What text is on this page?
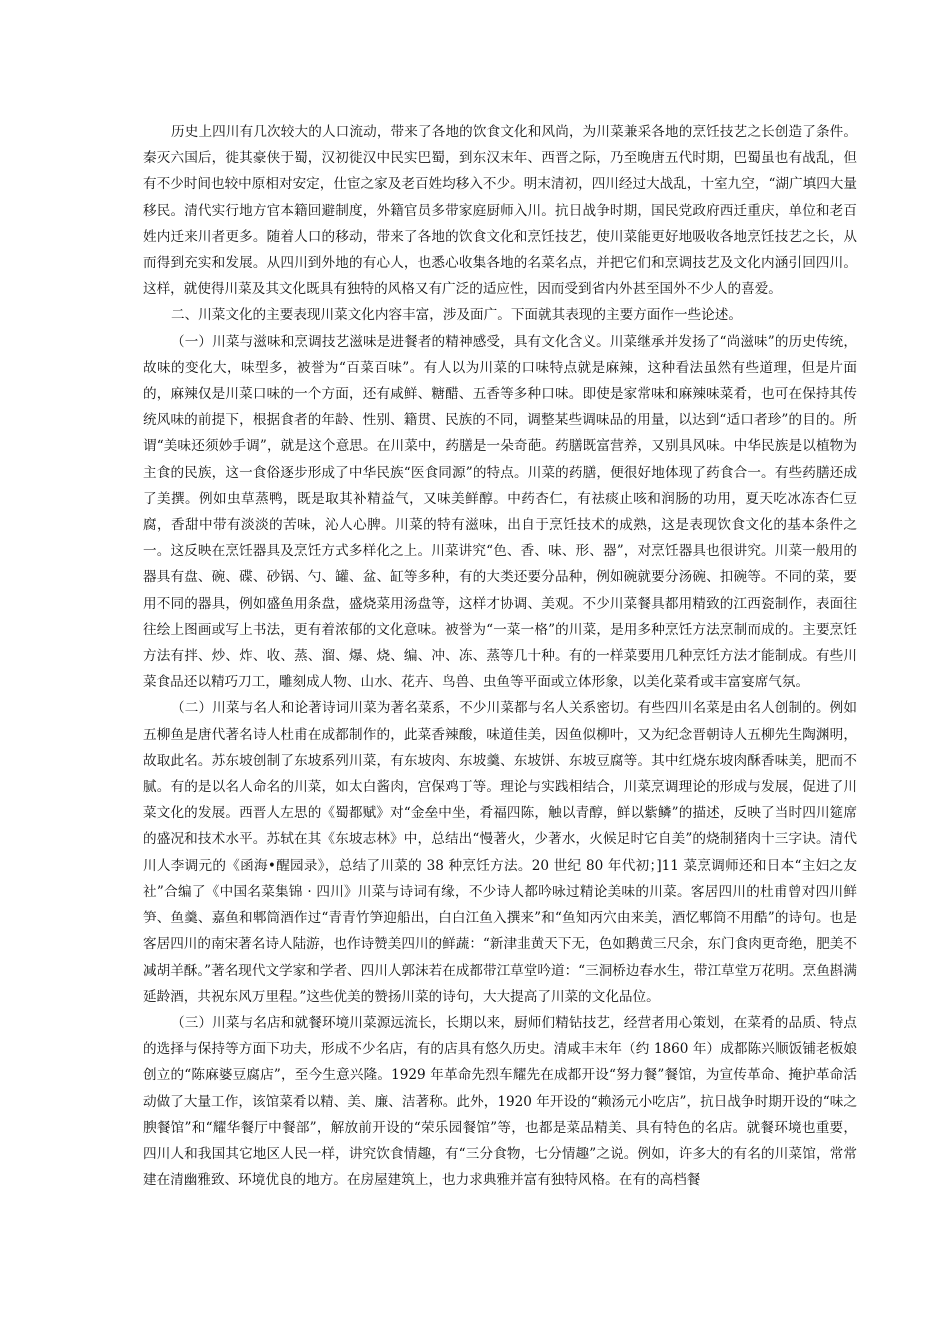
历史上四川有几次较大的人口流动，带来了各地的饮食文化和风尚，为川菜兼采各地的烹饪技艺之长创造了条件。秦灭六国后，徙其豪侠于蜀，汉初徙汉中民实巴蜀，到东汉末年、西晋之际，乃至晚唐五代时期，巴蜀虽也有战乱，但有不少时间也较中原相对安定，仕宦之家及老百姓均移入不少。明末清初，四川经过大战乱，十室九空，“湖广填四大量移民。清代实行地方官本籍回避制度，外籍官员多带家庭厨师入川。抗日战争时期，国民党政府西迁重庆，单位和老百姓内迁来川者更多。随着人口的移动，带来了各地的饮食文化和烹饪技艺，使川菜能更好地吸收各地烹饪技艺之长，从而得到充实和发展。从四川到外地的有心人，也悉心收集各地的名菜名点，并把它们和烹调技艺及文化内涵引回四川。这样，就使得川菜及其文化既具有独特的风格又有广泛的适应性，因而受到省内外甚至国外不少人的喜爱。

二、川菜文化的主要表现川菜文化内容丰富，涉及面广。下面就其表现的主要方面作一些论述。

（一）川菜与滋味和烹调技艺滋味是进餐者的精神感受，具有文化含义。川菜继承并发扬了“尚滋味”的历史传统，故味的变化大，味型多，被誉为“百菜百味”。有人以为川菜的口味特点就是麻辣，这种看法虽然有些道理，但是片面的，麻辣仅是川菜口味的一个方面，还有咸鲜、糖醋、五香等多种口味。即使是家常味和麻辣味菜肴，也可在保持其传统风味的前提下，根据食者的年龄、性别、籍贯、民族的不同，调整某些调味品的用量，以达到“适口者珍”的目的。所谓“美味还须妙手调”，就是这个意思。在川菜中，药膳是一朵奇葩。药膳既富营养，又别具风味。中华民族是以植物为主食的民族，这一食俗逐步形成了中华民族“医食同源”的特点。川菜的药膳，便很好地体现了药食合一。有些药膳还成了美撰。例如虫草蒸鸭，既是取其补精益气，又味美鲜醇。中药杏仁，有祛痰止咳和润肠的功用，夏天吃冰冻杏仁豆腐，香甜中带有淡淡的苦味，沁人心脾。川菜的特有滋味，出自于烹饪技术的成熟，这是表现饮食文化的基本条件之一。这反映在烹饪器具及烹饪方式多样化之上。川菜讲究“色、香、味、形、器”，对烹饪器具也很讲究。川菜一般用的器具有盘、碗、碟、砂锅、勺、罐、盆、缸等多种，有的大类还要分品种，例如碗就要分汤碗、扣碗等。不同的菜，要用不同的器具，例如盛鱼用条盘，盛烧菜用汤盘等，这样才协调、美观。不少川菜餐具都用精致的江西瓷制作，表面往往绘上图画或写上书法，更有着浓郁的文化意味。被誉为“一菜一格”的川菜，是用多种烹饪方法烹制而成的。主要烹饪方法有拌、炒、炸、收、蒸、溜、爆、烧、编、冲、冻、蒸等几十种。有的一样菜要用几种烹饪方法才能制成。有些川菜食品还以精巧刀工，雕刻成人物、山水、花卉、鸟兽、虫鱼等平面或立体形象，以美化菜肴或丰富宴席气氛。

（二）川菜与名人和论著诗词川菜为著名菜系，不少川菜都与名人关系密切。有些四川名菜是由名人创制的。例如五柳鱼是唐代著名诗人杜甫在成都制作的，此菜香辣酸，味道佳美，因鱼似柳叶，又为纪念晋朝诗人五柳先生陶渊明，故取此名。苏东坡创制了东坡系列川菜，有东坡肉、东坡羹、东坡饼、东坡豆腐等。其中红烧东坡肉酥香味美，肥而不腻。有的是以名人命名的川菜，如太白酱肉，宫保鸡丁等。理论与实践相结合，川菜烹调理论的形成与发展，促进了川菜文化的发展。西晋人左思的《蜀都赋》对“金垒中坐，肴福四陈，触以青醇，鲜以紫鳞”的描述，反映了当时四川筵席的盛况和技术水平。苏轼在其《东坡志林》中，总结出“慢著火，少著水，火候足时它自美”的烧制猪肉十三字诀。清代川人李调元的《函海•醒园录》，总结了川菜的 38 种烹饪方法。20 世纪 80 年代初；]11 菜烹调师还和日本“主妇之友社”合编了《中国名菜集锦 · 四川》川菜与诗词有缘，不少诗人都吟咏过精论美味的川菜。客居四川的杜甫曾对四川鲜笋、鱼羹、嘉鱼和郫筒酒作过“青青竹笋迎船出，白白江鱼入撰来”和“鱼知丙穴由来美，酒忆郫筒不用酷”的诗句。也是客居四川的南宋著名诗人陆游，也作诗赞美四川的鲜蔬：“新津韭黄天下无，色如鹅黄三尺余，东门食肉更奇绝，肥美不减胡羊酥。”著名现代文学家和学者、四川人郭沫若在成都带江草堂吟道：“三洞桥边春水生，带江草堂万花明。烹鱼斟满延龄酒，共祝东风万里程。”这些优美的赞扬川菜的诗句，大大提高了川菜的文化品位。

（三）川菜与名店和就餐环境川菜源远流长，长期以来，厨师们精钻技艺，经营者用心策划，在菜肴的品质、特点的选择与保持等方面下功夫，形成不少名店，有的店具有悠久历史。清咸丰末年（约 1860 年）成都陈兴顺饭铺老板娘创立的“陈麻婆豆腐店”，至今生意兴隆。1929 年革命先烈车耀先在成都开设“努力餐”餐馆，为宣传革命、掩护革命活动做了大量工作，该馆菜肴以精、美、廉、洁著称。此外，1920 年开设的“赖汤元小吃店”，抗日战争时期开设的“味之腴餐馆”和“耀华餐厅中餐部”，解放前开设的“荣乐园餐馆”等，也都是菜品精美、具有特色的名店。就餐环境也重要，四川人和我国其它地区人民一样，讲究饮食情趣，有“三分食物，七分情趣”之说。例如，许多大的有名的川菜馆，常常建在清幽雅致、环境优良的地方。在房屋建筑上，也力求典雅并富有独特风格。在有的高档餐
